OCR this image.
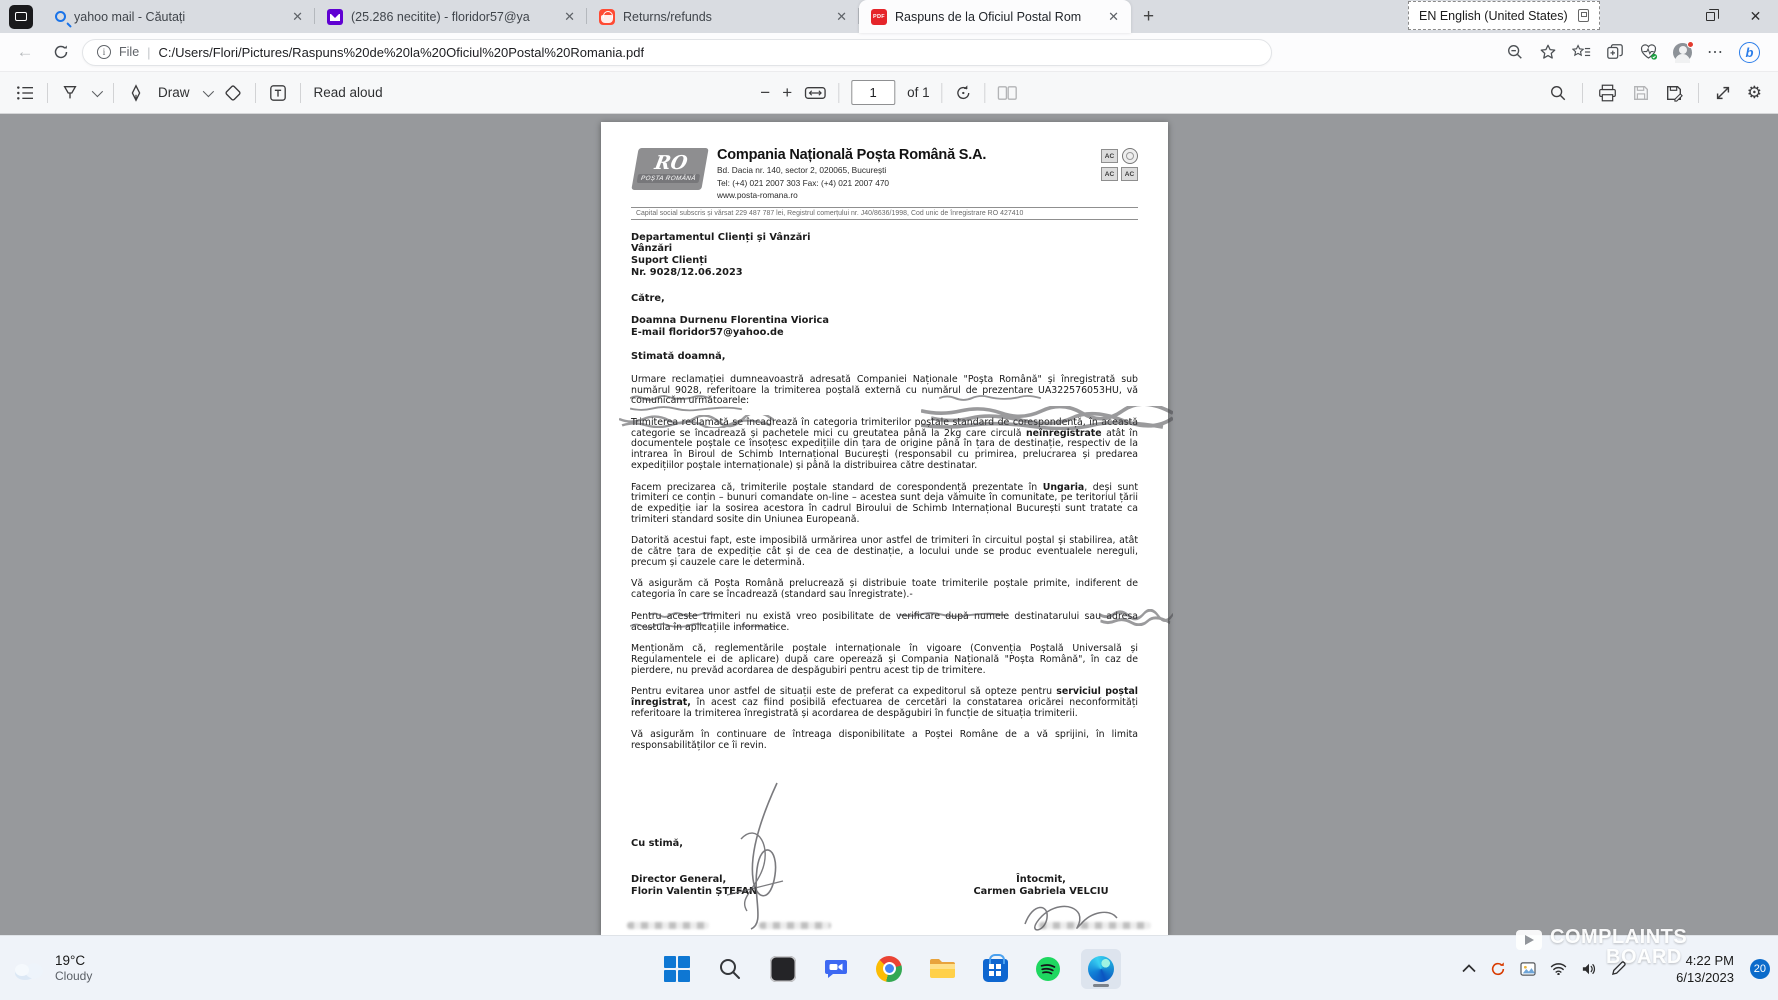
yahoo mail - Căutați	✕	(25.286 necitite) - floridor57@ya	✕	Returns/refunds	✕	PDF Raspuns de la Oficiul Postal Rom	✕	+	EN English (United States)	✕
←	i	File | C:/Users/Flori/Pictures/Raspuns%20de%20la%20Oficiul%20Postal%20Romania.pdf	⋯	b
Draw	Read aloud	− +
1	of 1	⚙
RO
POȘTA ROMÂNĂ
Compania Națională Poșta Română S.A.
Bd. Dacia nr. 140, sector 2, 020065, București
Tel: (+4) 021 2007 303 Fax: (+4) 021 2007 470
www.posta-romana.ro
AC
AC	AC
Capital social subscris și vărsat 229 487 787 lei, Registrul comerțului nr. J40/8636/1998, Cod unic de înregistrare RO 427410
Departamentul Clienți și Vânzări
Vânzări
Suport Clienți
Nr. 9028/12.06.2023
Către,
Doamna Durnenu Florentina Viorica
E-mail floridor57@yahoo.de
Stimată doamnă,

Urmare reclamației dumneavoastră adresată Companiei Naționale "Poșta Română" și înregistrată sub numărul 9028, referitoare la trimiterea poștală externă cu numărul de prezentare UA322576053HU, vă comunicăm următoarele:

Trimiterea reclamată se încadrează în categoria trimiterilor poștale standard de corespondență, în această categorie se încadrează și pachetele mici cu greutatea până la 2kg care circulă neînregistrate atât în documentele poștale ce însoțesc expedițiile din țara de origine până în țara de destinație, respectiv de la intrarea în Biroul de Schimb Internațional București (responsabil cu primirea, prelucrarea și predarea expedițiilor poștale internaționale) și până la distribuirea către destinatar.

Facem precizarea că, trimiterile poștale standard de corespondență prezentate în Ungaria, deși sunt trimiteri ce conțin – bunuri comandate on-line – acestea sunt deja vămuite în comunitate, pe teritoriul țării de expediție iar la sosirea acestora în cadrul Biroului de Schimb Internațional București sunt tratate ca trimiteri standard sosite din Uniunea Europeană.

Datorită acestui fapt, este imposibilă urmărirea unor astfel de trimiteri în circuitul poștal și stabilirea, atât de către țara de expediție cât și de cea de destinație, a locului unde se produc eventualele nereguli, precum și cauzele care le determină.

Vă asigurăm că Poșta Română prelucrează și distribuie toate trimiterile poștale primite, indiferent de categoria în care se încadrează (standard sau înregistrate).-

Pentru aceste trimiteri nu există vreo posibilitate de verificare după numele destinatarului sau adresa acestuia în aplicațiile informatice.

Menționăm că, reglementările poștale internaționale în vigoare (Convenția Poștală Universală și Regulamentele ei de aplicare) după care operează și Compania Națională "Poșta Română", în caz de pierdere, nu prevăd acordarea de despăgubiri pentru acest tip de trimitere.

Pentru evitarea unor astfel de situații este de preferat ca expeditorul să opteze pentru serviciul poștal înregistrat, în acest caz fiind posibilă efectuarea de cercetări la constatarea oricărei neconformități referitoare la trimiterea înregistrată și acordarea de despăgubiri în funcție de situația trimiterii.

Vă asigurăm în continuare de întreaga disponibilitate a Poștei Române de a vă sprijini, în limita responsabilităților ce îi revin.

Cu stimă,
Director General,
Florin Valentin ȘTEFAN
Întocmit,
Carmen Gabriela VELCIU
19°C
Cloudy
4:22 PM
6/13/2023
20
COMPLAINTS
BOARD
